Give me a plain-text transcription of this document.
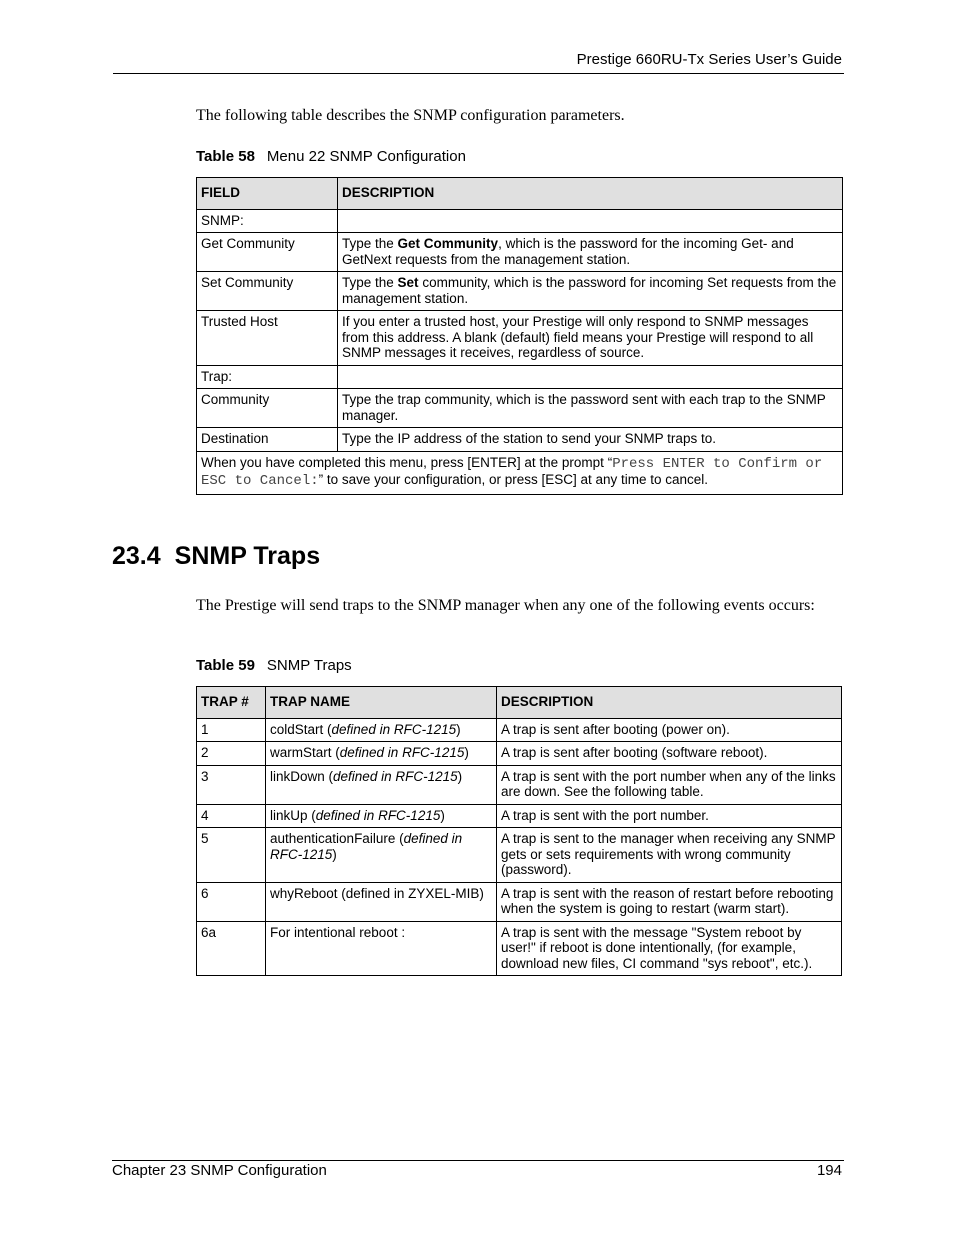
Prestige 660RU-Tx Series User’s Guide
The following table describes the SNMP configuration parameters.
Table 58 Menu 22 SNMP Configuration
FIELD	DESCRIPTION
SNMP:	
Get Community	Type the Get Community, which is the password for the incoming Get- and GetNext requests from the management station.
Set Community	Type the Set community, which is the password for incoming Set requests from the management station.
Trusted Host	If you enter a trusted host, your Prestige will only respond to SNMP messages from this address. A blank (default) field means your Prestige will respond to all SNMP messages it receives, regardless of source.
Trap:	
Community	Type the trap community, which is the password sent with each trap to the SNMP manager.
Destination	Type the IP address of the station to send your SNMP traps to.
When you have completed this menu, press [ENTER] at the prompt “Press ENTER to Confirm or ESC to Cancel:” to save your configuration, or press [ESC] at any time to cancel.	
23.4 SNMP Traps
The Prestige will send traps to the SNMP manager when any one of the following events occurs:
Table 59 SNMP Traps
TRAP #	TRAP NAME	DESCRIPTION
1	coldStart (defined in RFC-1215)	A trap is sent after booting (power on).
2	warmStart (defined in RFC-1215)	A trap is sent after booting (software reboot).
3	linkDown (defined in RFC-1215)	A trap is sent with the port number when any of the links are down. See the following table.
4	linkUp (defined in RFC-1215)	A trap is sent with the port number.
5	authenticationFailure (defined in RFC-1215)	A trap is sent to the manager when receiving any SNMP gets or sets requirements with wrong community (password).
6	whyReboot (defined in ZYXEL-MIB)	A trap is sent with the reason of restart before rebooting when the system is going to restart (warm start).
6a	For intentional reboot :	A trap is sent with the message "System reboot by user!" if reboot is done intentionally, (for example, download new files, CI command "sys reboot", etc.).
Chapter 23 SNMP Configuration	194
